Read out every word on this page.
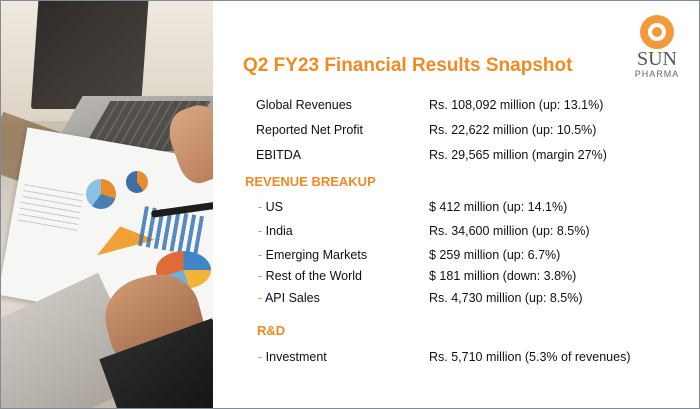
Q2 FY23 Financial Results Snapshot	SUN
PHARMA
Global Revenues	Rs. 108,092 million (up: 13.1%)
Reported Net Profit	Rs. 22,622 million (up: 10.5%)
EBITDA	Rs. 29,565 million (margin 27%)
REVENUE BREAKUP
- US	$ 412 million (up: 14.1%)
- India	Rs. 34,600 million (up: 8.5%)
- Emerging Markets	$ 259 million (up: 6.7%)
- Rest of the World	$ 181 million (down: 3.8%)
- API Sales	Rs. 4,730 million (up: 8.5%)
R&D
- Investment	Rs. 5,710 million (5.3% of revenues)
